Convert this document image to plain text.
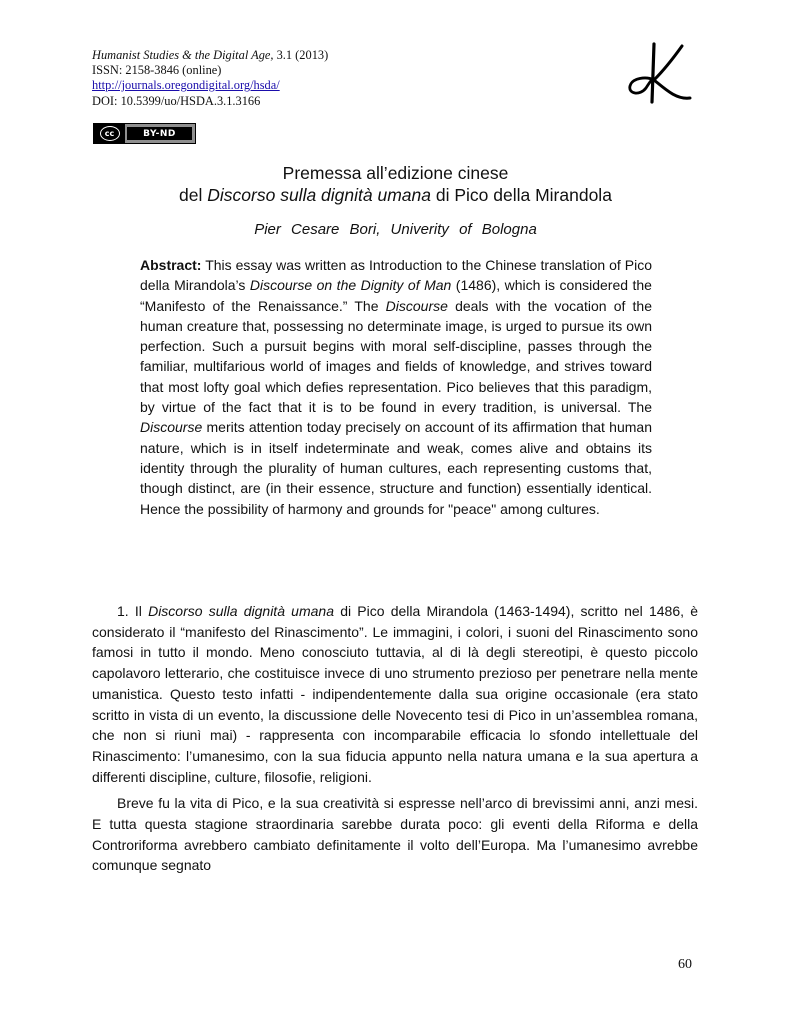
Humanist Studies & the Digital Age, 3.1 (2013)
ISSN: 2158-3846 (online)
http://journals.oregondigital.org/hsda/
DOI: 10.5399/uo/HSDA.3.1.3166
cc	BY-ND
Premessa all’edizione cinese
del Discorso sulla dignità umana di Pico della Mirandola
Pier Cesare Bori, Univerity of Bologna
Abstract: This essay was written as Introduction to the Chinese translation of Pico della Mirandola’s Discourse on the Dignity of Man (1486), which is considered the “Manifesto of the Renaissance.” The Discourse deals with the vocation of the human creature that, possessing no determinate image, is urged to pursue its own perfection. Such a pursuit begins with moral self-discipline, passes through the familiar, multifarious world of images and fields of knowledge, and strives toward that most lofty goal which defies representation. Pico believes that this paradigm, by virtue of the fact that it is to be found in every tradition, is universal. The Discourse merits attention today precisely on account of its affirmation that human nature, which is in itself indeterminate and weak, comes alive and obtains its identity through the plurality of human cultures, each representing customs that, though distinct, are (in their essence, structure and function) essentially identical. Hence the possibility of harmony and grounds for "peace" among cultures.

1. Il Discorso sulla dignità umana di Pico della Mirandola (1463-1494), scritto nel 1486, è considerato il “manifesto del Rinascimento”. Le immagini, i colori, i suoni del Rinascimento sono famosi in tutto il mondo. Meno conosciuto tuttavia, al di là degli stereotipi, è questo piccolo capolavoro letterario, che costituisce invece di uno strumento prezioso per penetrare nella mente umanistica. Questo testo infatti - indipendentemente dalla sua origine occasionale (era stato scritto in vista di un evento, la discussione delle Novecento tesi di Pico in un’assemblea romana, che non si riunì mai) - rappresenta con incomparabile efficacia lo sfondo intellettuale del Rinascimento: l’umanesimo, con la sua fiducia appunto nella natura umana e la sua apertura a differenti discipline, culture, filosofie, religioni.

Breve fu la vita di Pico, e la sua creatività si espresse nell’arco di brevissimi anni, anzi mesi. E tutta questa stagione straordinaria sarebbe durata poco: gli eventi della Riforma e della Controriforma avrebbero cambiato definitamente il volto dell’Europa. Ma l’umanesimo avrebbe comunque segnato

60
